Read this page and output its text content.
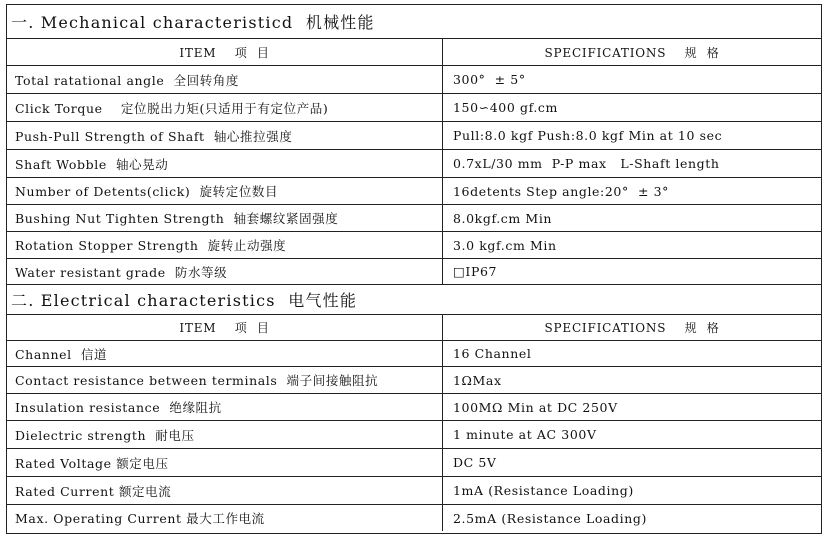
一. Mechanical characteristicd  机械性能
ITEM    项  目	SPECIFICATIONS    规  格
Total ratational angle  全回转角度	300°  ± 5°
Click Torque    定位脱出力矩(只适用于有定位产品)	150∽400 gf.cm
Push-Pull Strength of Shaft  轴心推拉强度	Pull:8.0 kgf Push:8.0 kgf Min at 10 sec
Shaft Wobble  轴心晃动	0.7xL/30 mm  P-P max   L-Shaft length
Number of Detents(click)  旋转定位数目	16detents Step angle:20°  ± 3°
Bushing Nut Tighten Strength  轴套螺纹紧固强度	8.0kgf.cm Min
Rotation Stopper Strength  旋转止动强度	3.0 kgf.cm Min
Water resistant grade  防水等级	□IP67
二. Electrical characteristics  电气性能
ITEM    项  目	SPECIFICATIONS    规  格
Channel  信道	16 Channel
Contact resistance between terminals  端子间接触阻抗	1ΩMax
Insulation resistance  绝缘阻抗	100MΩ Min at DC 250V
Dielectric strength  耐电压	1 minute at AC 300V
Rated Voltage 额定电压	DC 5V
Rated Current 额定电流	1mA (Resistance Loading)
Max. Operating Current 最大工作电流	2.5mA (Resistance Loading)
